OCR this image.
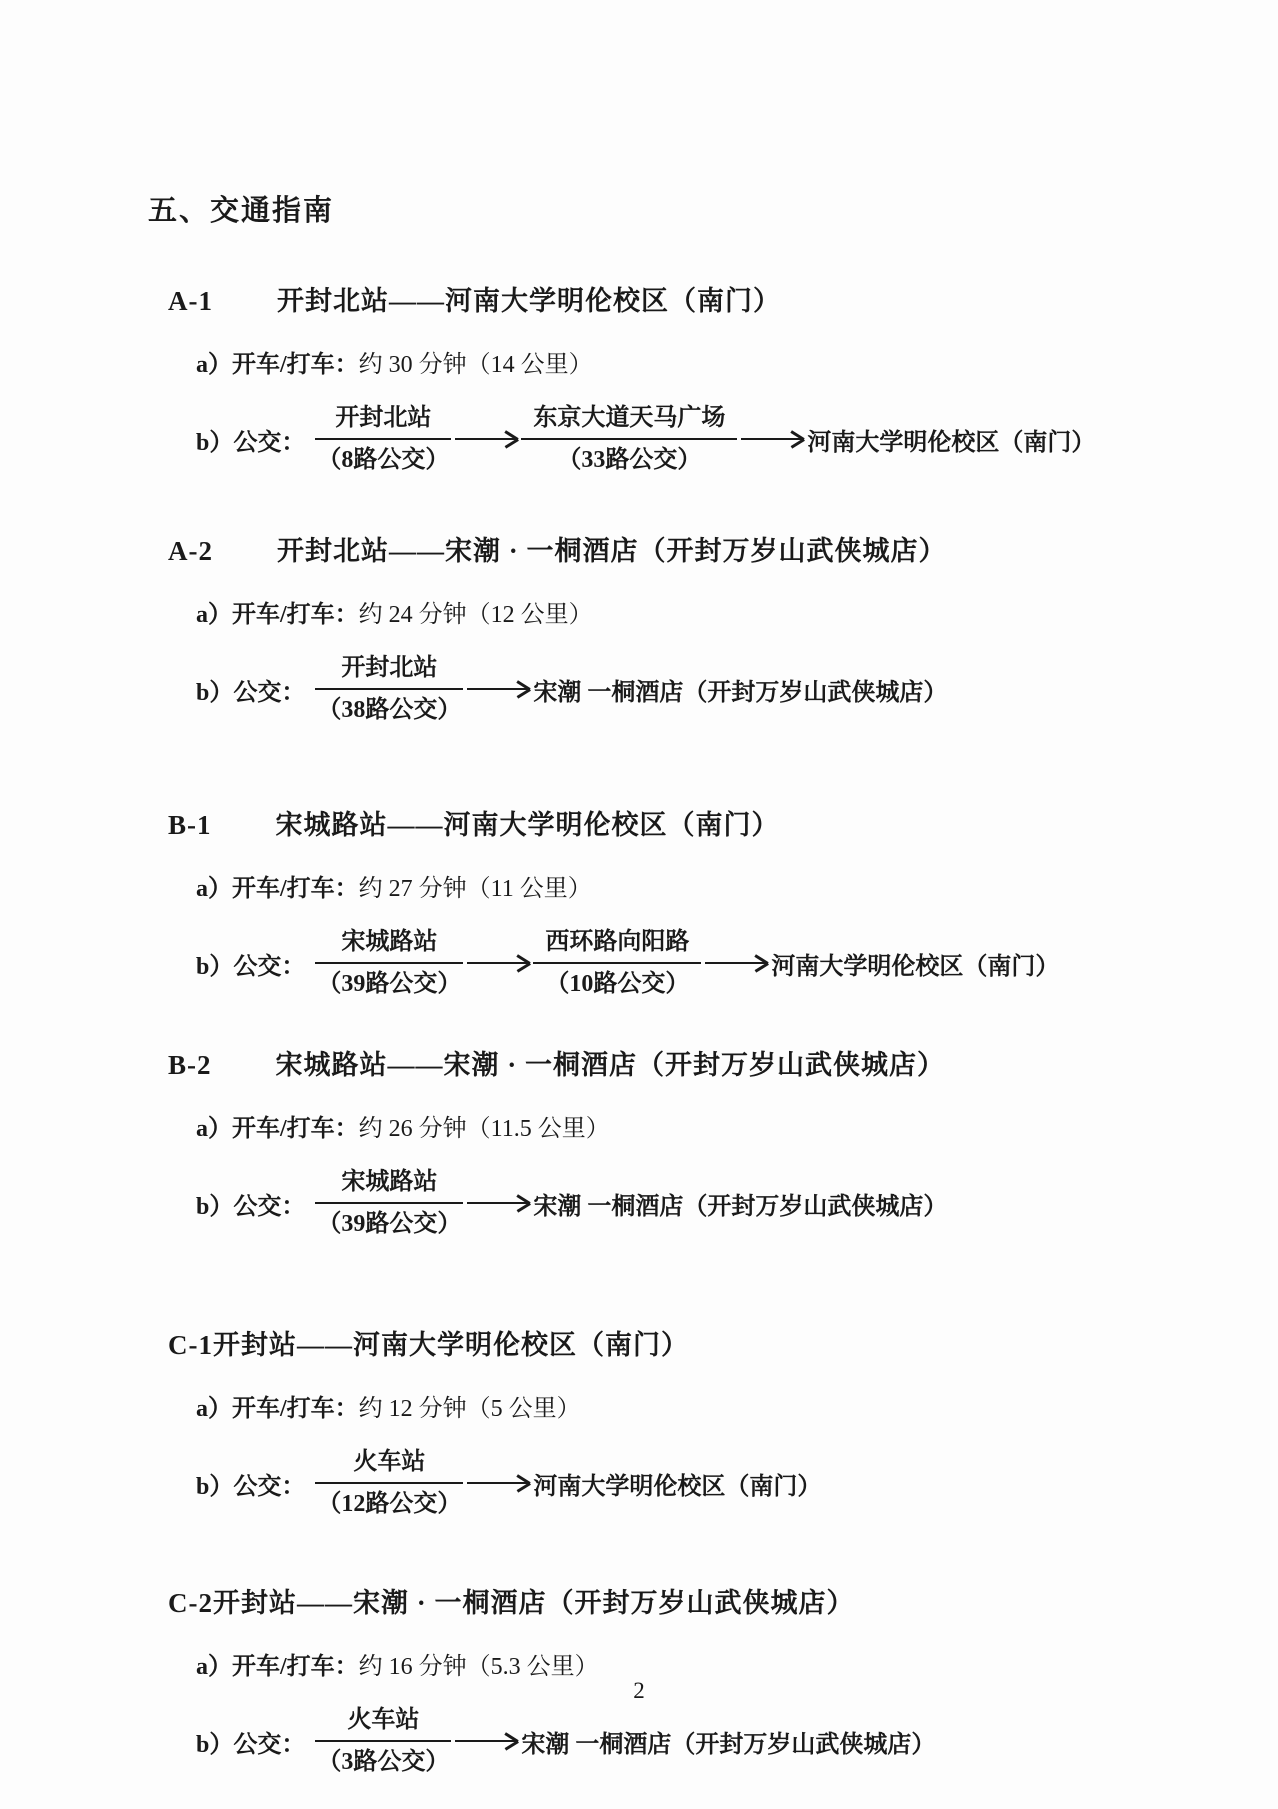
五、交通指南
A-1 开封北站——河南大学明伦校区（南门）
a）开车/打车：约 30 分钟（14 公里）
b）公交： $\frac{\text{开封北站}}{\text{（8路公交）}}$	$\frac{\text{东京大道天马广场}}{\text{（33路公交）}}$	河南大学明伦校区（南门）
A-2 开封北站——宋潮 · 一桐酒店（开封万岁山武侠城店）
a）开车/打车：约 24 分钟（12 公里）
b）公交： $\frac{\text{开封北站}}{\text{（38路公交）}}$	宋潮 一桐酒店（开封万岁山武侠城店）
B-1 宋城路站——河南大学明伦校区（南门）
a）开车/打车：约 27 分钟（11 公里）
b）公交： $\frac{\text{宋城路站}}{\text{（39路公交）}}$	$\frac{\text{西环路向阳路}}{\text{（10路公交）}}$	河南大学明伦校区（南门）
B-2 宋城路站——宋潮 · 一桐酒店（开封万岁山武侠城店）
a）开车/打车：约 26 分钟（11.5 公里）
b）公交： $\frac{\text{宋城路站}}{\text{（39路公交）}}$	宋潮 一桐酒店（开封万岁山武侠城店）
C-1开封站——河南大学明伦校区（南门）
a）开车/打车：约 12 分钟（5 公里）
b）公交： $\frac{\text{火车站}}{\text{（12路公交）}}$	河南大学明伦校区（南门）
C-2开封站——宋潮 · 一桐酒店（开封万岁山武侠城店）
a）开车/打车：约 16 分钟（5.3 公里）
b）公交： $\frac{\text{火车站}}{\text{（3路公交）}}$	宋潮 一桐酒店（开封万岁山武侠城店）
2
